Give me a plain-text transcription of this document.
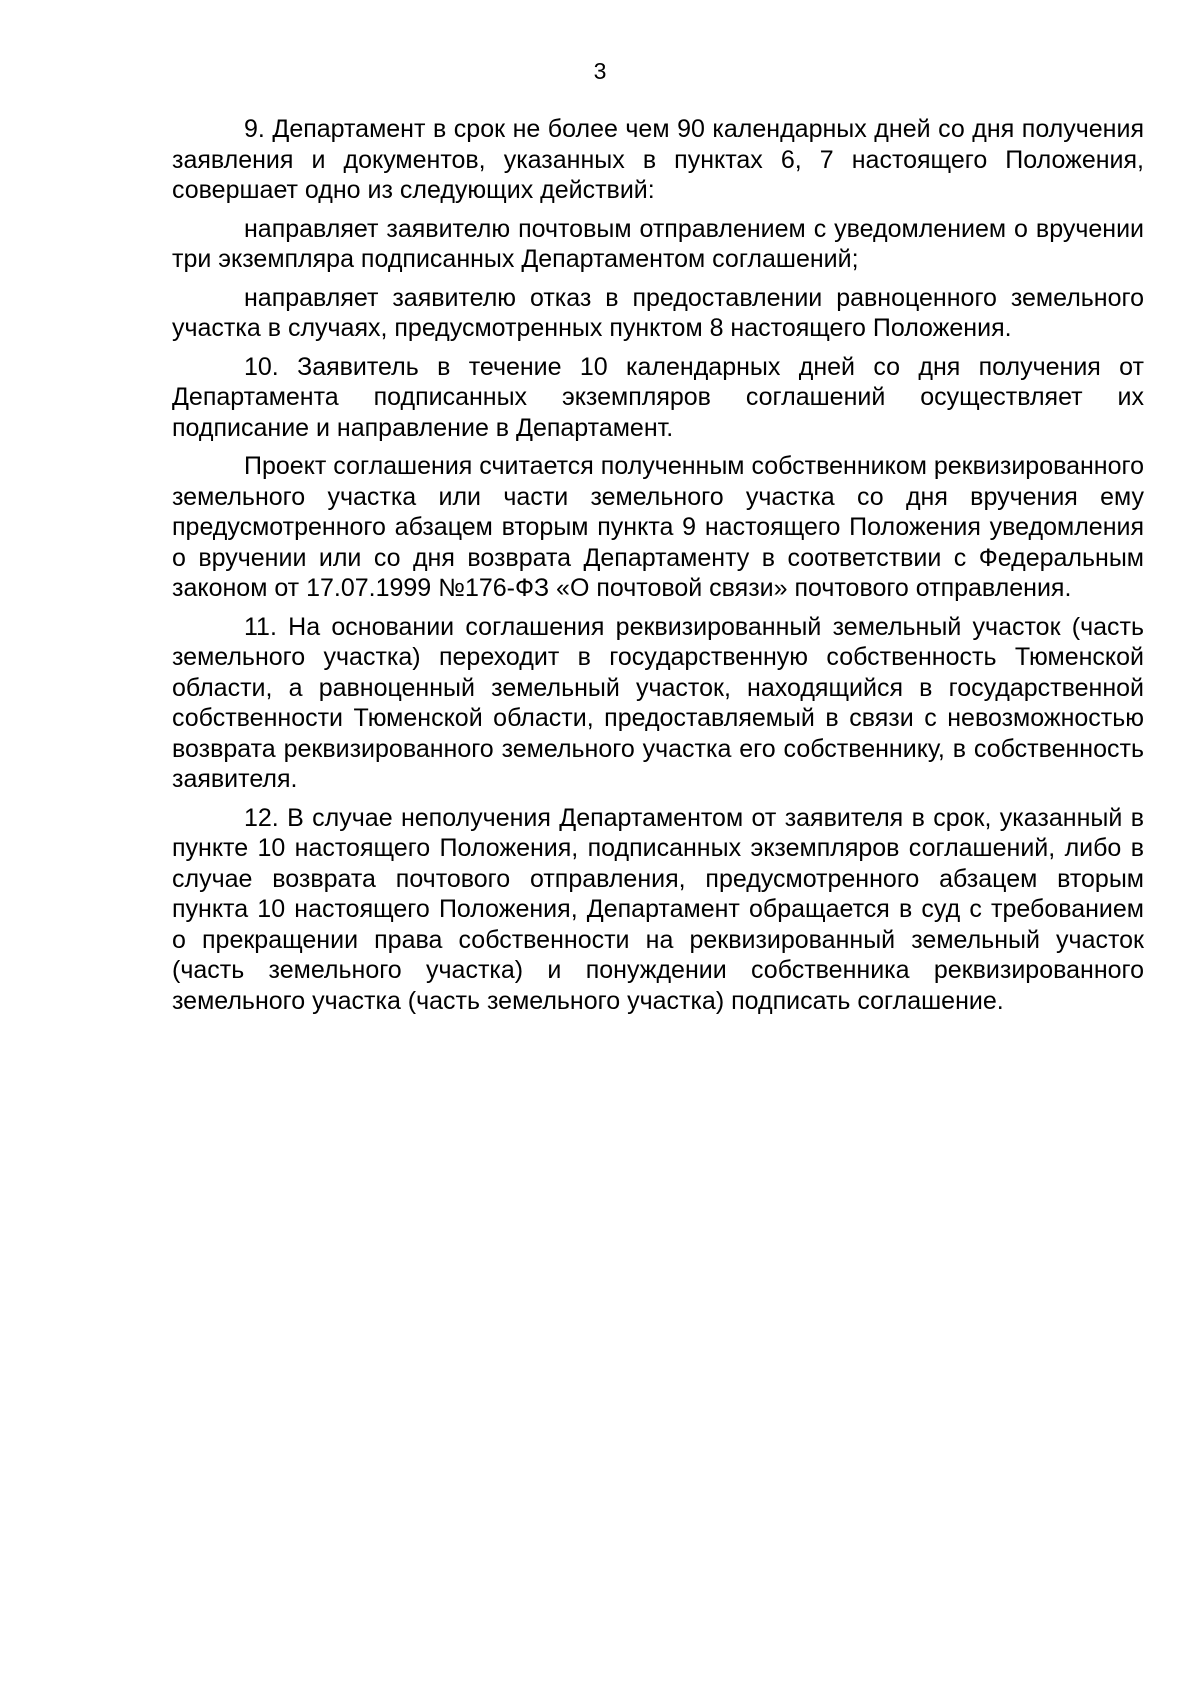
3

9. Департамент в срок не более чем 90 календарных дней со дня получения заявления и документов, указанных в пунктах 6, 7 настоящего Положения, совершает одно из следующих действий:

направляет заявителю почтовым отправлением с уведомлением о вручении три экземпляра подписанных Департаментом соглашений;

направляет заявителю отказ в предоставлении равноценного земельного участка в случаях, предусмотренных пунктом 8 настоящего Положения.

10. Заявитель в течение 10 календарных дней со дня получения от Департамента подписанных экземпляров соглашений осуществляет их подписание и направление в Департамент.

Проект соглашения считается полученным собственником реквизированного земельного участка или части земельного участка со дня вручения ему предусмотренного абзацем вторым пункта 9 настоящего Положения уведомления о вручении или со дня возврата Департаменту в соответствии с Федеральным законом от 17.07.1999 №176-ФЗ «О почтовой связи» почтового отправления.

11. На основании соглашения реквизированный земельный участок (часть земельного участка) переходит в государственную собственность Тюменской области, а равноценный земельный участок, находящийся в государственной собственности Тюменской области, предоставляемый в связи с невозможностью возврата реквизированного земельного участка его собственнику, в собственность заявителя.

12. В случае неполучения Департаментом от заявителя в срок, указанный в пункте 10 настоящего Положения, подписанных экземпляров соглашений, либо в случае возврата почтового отправления, предусмотренного абзацем вторым пункта 10 настоящего Положения, Департамент обращается в суд с требованием о прекращении права собственности на реквизированный земельный участок (часть земельного участка) и понуждении собственника реквизированного земельного участка (часть земельного участка) подписать соглашение.
